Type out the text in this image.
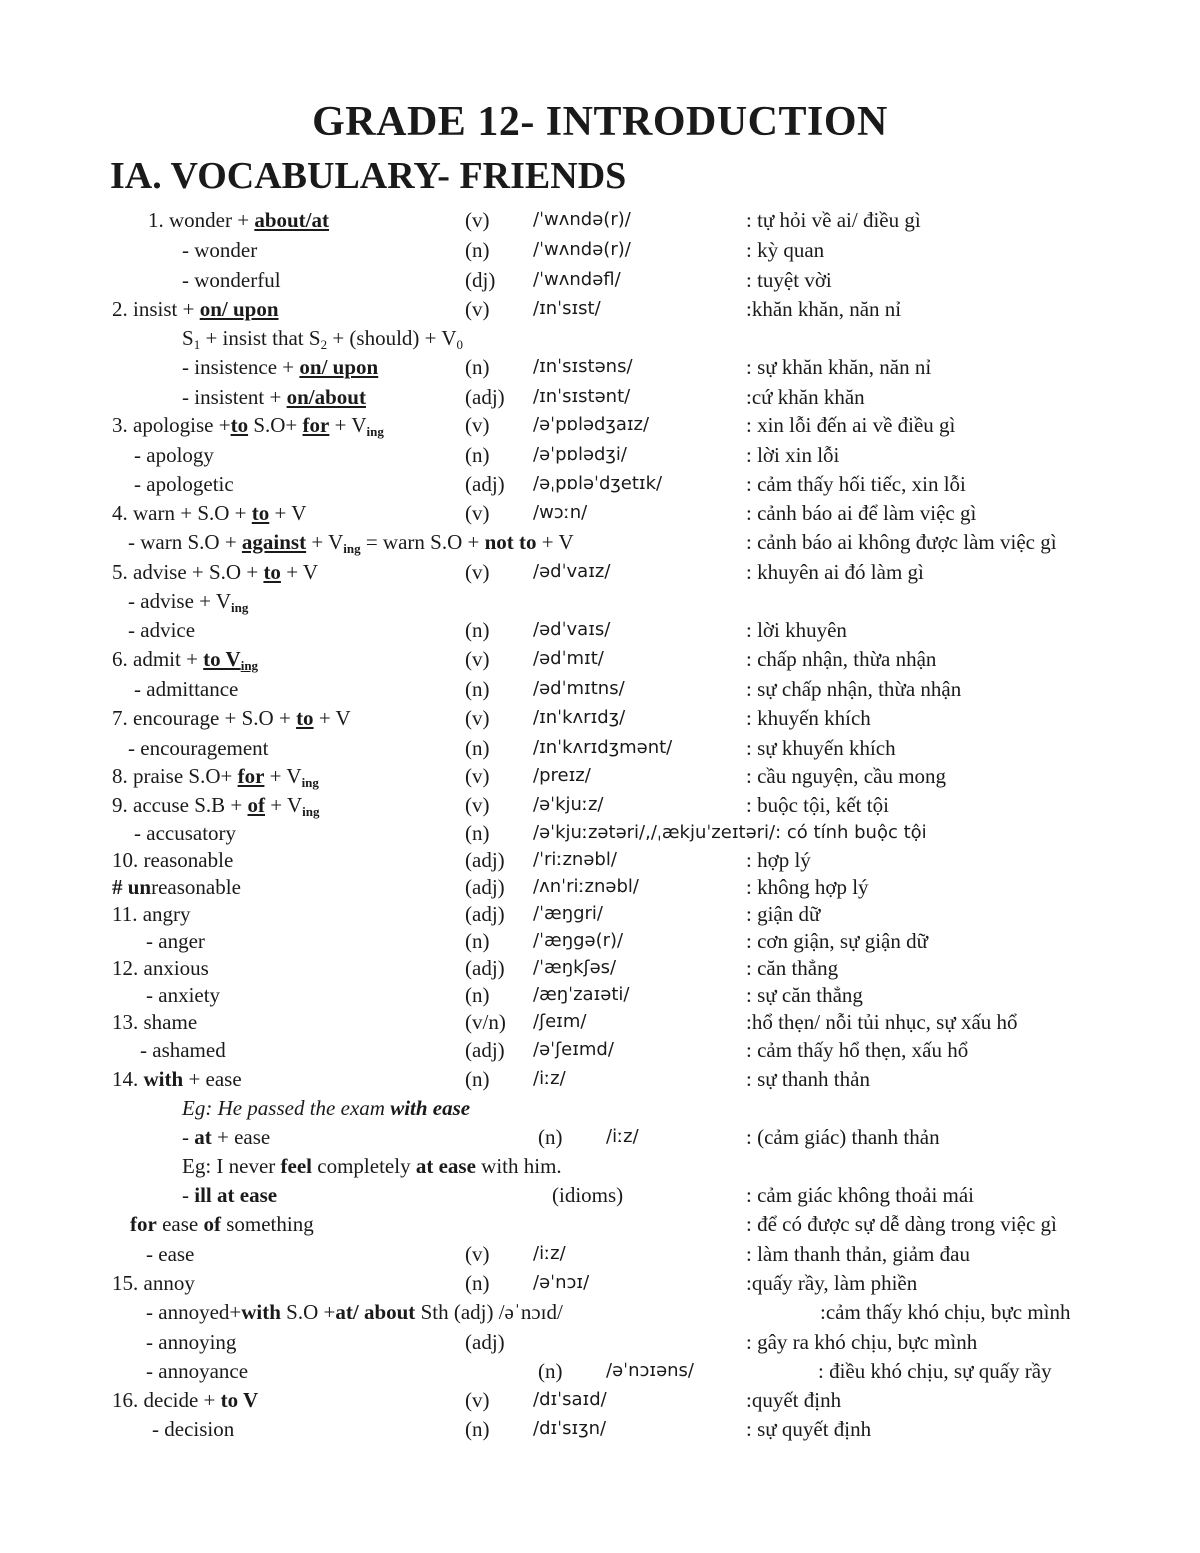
GRADE 12- INTRODUCTION
IA. VOCABULARY- FRIENDS
1. wonder + about/at	(v) /ˈwʌndə(r)/	: tự hỏi về ai/ điều gì
- wonder	(n) /ˈwʌndə(r)/	: kỳ quan
- wonderful	(dj) /ˈwʌndəfl/	: tuyệt vời
2. insist + on/ upon	(v) /ɪnˈsɪst/	:khăn khăn, năn nỉ
$S_1$ + insist that $S_2$ + (should) + $V_0$
- insistence + on/ upon	(n) /ɪnˈsɪstəns/	: sự khăn khăn, năn nỉ
- insistent + on/about	(adj) /ɪnˈsɪstənt/	:cứ khăn khăn
3. apologise +to S.O+ for + $V_{ing}$	(v) /əˈpɒlədʒaɪz/	: xin lỗi đến ai về điều gì
- apology	(n) /əˈpɒlədʒi/	: lời xin lỗi
- apologetic	(adj) /əˌpɒləˈdʒetɪk/	: cảm thấy hối tiếc, xin lỗi
4. warn + S.O + to + V	(v) /wɔːn/	: cảnh báo ai để làm việc gì
- warn S.O + against + $V_{ing}$ = warn S.O + not to + V	: cảnh báo ai không được làm việc gì
5. advise + S.O + to + V	(v) /ədˈvaɪz/	: khuyên ai đó làm gì
- advise + $V_{ing}$
- advice	(n) /ədˈvaɪs/	: lời khuyên
6. admit + to $V_{ing}$	(v) /ədˈmɪt/	: chấp nhận, thừa nhận
- admittance	(n) /ədˈmɪtns/	: sự chấp nhận, thừa nhận
7. encourage + S.O + to + V	(v) /ɪnˈkʌrɪdʒ/	: khuyến khích
- encouragement	(n) /ɪnˈkʌrɪdʒmənt/	: sự khuyến khích
8. praise S.O+ for + $V_{ing}$	(v) /preɪz/	: cầu nguyện, cầu mong
9. accuse S.B + of + $V_{ing}$	(v) /əˈkjuːz/	: buộc tội, kết tội
- accusatory	(n) /əˈkjuːzətəri/,/ˌækjuˈzeɪtəri/: có tính buộc tội
10. reasonable	(adj) /ˈriːznəbl/	: hợp lý
# unreasonable	(adj) /ʌnˈriːznəbl/	: không hợp lý
11. angry	(adj) /ˈæŋgri/	: giận dữ
- anger	(n) /ˈæŋgə(r)/	: cơn giận, sự giận dữ
12. anxious	(adj) /ˈæŋkʃəs/	: căn thẳng
- anxiety	(n) /æŋˈzaɪəti/	: sự căn thẳng
13. shame	(v/n) /ʃeɪm/	:hổ thẹn/ nỗi tủi nhục, sự xấu hổ
- ashamed	(adj) /əˈʃeɪmd/	: cảm thấy hổ thẹn, xấu hổ
14. with + ease	(n) /iːz/	: sự thanh thản
Eg: He passed the exam with ease
- at + ease	(n) /iːz/	: (cảm giác) thanh thản
Eg: I never feel completely at ease with him.
- ill at ease	(idioms)	: cảm giác không thoải mái
for ease of something	: để có được sự dễ dàng trong việc gì
- ease	(v) /iːz/	: làm thanh thản, giảm đau
15. annoy	(n) /əˈnɔɪ/	:quấy rầy, làm phiền
- annoyed+with S.O +at/ about Sth (adj) /əˈnɔɪd/	:cảm thấy khó chịu, bực mình
- annoying	(adj)	: gây ra khó chịu, bực mình
- annoyance	(n) /əˈnɔɪəns/	: điều khó chịu, sự quấy rầy
16. decide + to V	(v) /dɪˈsaɪd/	:quyết định
- decision	(n) /dɪˈsɪʒn/	: sự quyết định
